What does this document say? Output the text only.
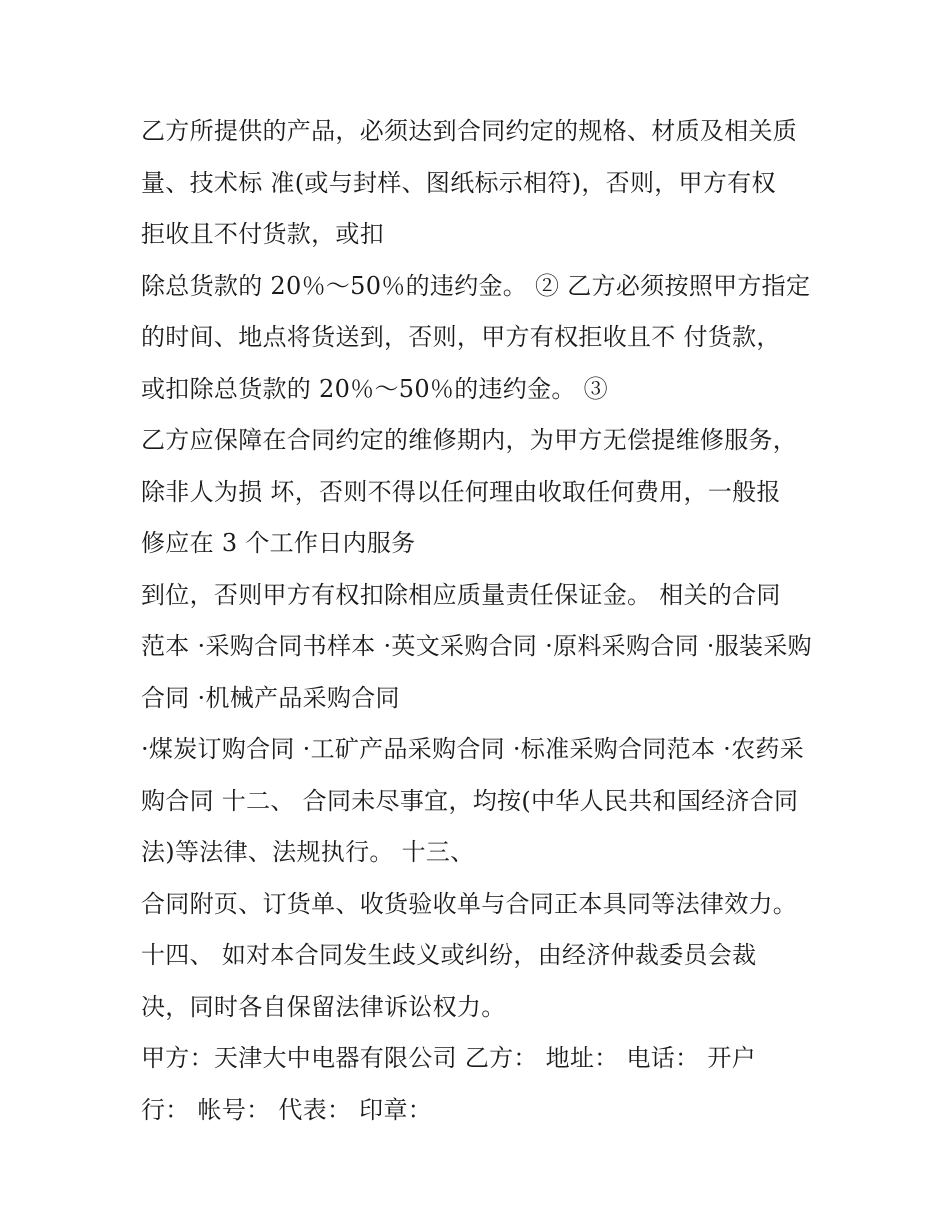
乙方所提供的产品，必须达到合同约定的规格、材质及相关质
量、技术标 准(或与封样、图纸标示相符)，否则，甲方有权
拒收且不付货款，或扣
除总货款的 20％～50％的违约金。 ② 乙方必须按照甲方指定
的时间、地点将货送到，否则，甲方有权拒收且不 付货款，
或扣除总货款的 20％～50％的违约金。 ③
乙方应保障在合同约定的维修期内，为甲方无偿提维修服务，
除非人为损 坏，否则不得以任何理由收取任何费用，一般报
修应在 3 个工作日内服务
到位，否则甲方有权扣除相应质量责任保证金。 相关的合同
范本 ·采购合同书样本 ·英文采购合同 ·原料采购合同 ·服装采购
合同 ·机械产品采购合同
·煤炭订购合同 ·工矿产品采购合同 ·标准采购合同范本 ·农药采
购合同 十二、 合同未尽事宜，均按(中华人民共和国经济合同
法)等法律、法规执行。 十三、
合同附页、订货单、收货验收单与合同正本具同等法律效力。
十四、 如对本合同发生歧义或纠纷，由经济仲裁委员会裁
决，同时各自保留法律诉讼权力。
甲方：天津大中电器有限公司 乙方： 地址： 电话： 开户
行： 帐号： 代表： 印章：
